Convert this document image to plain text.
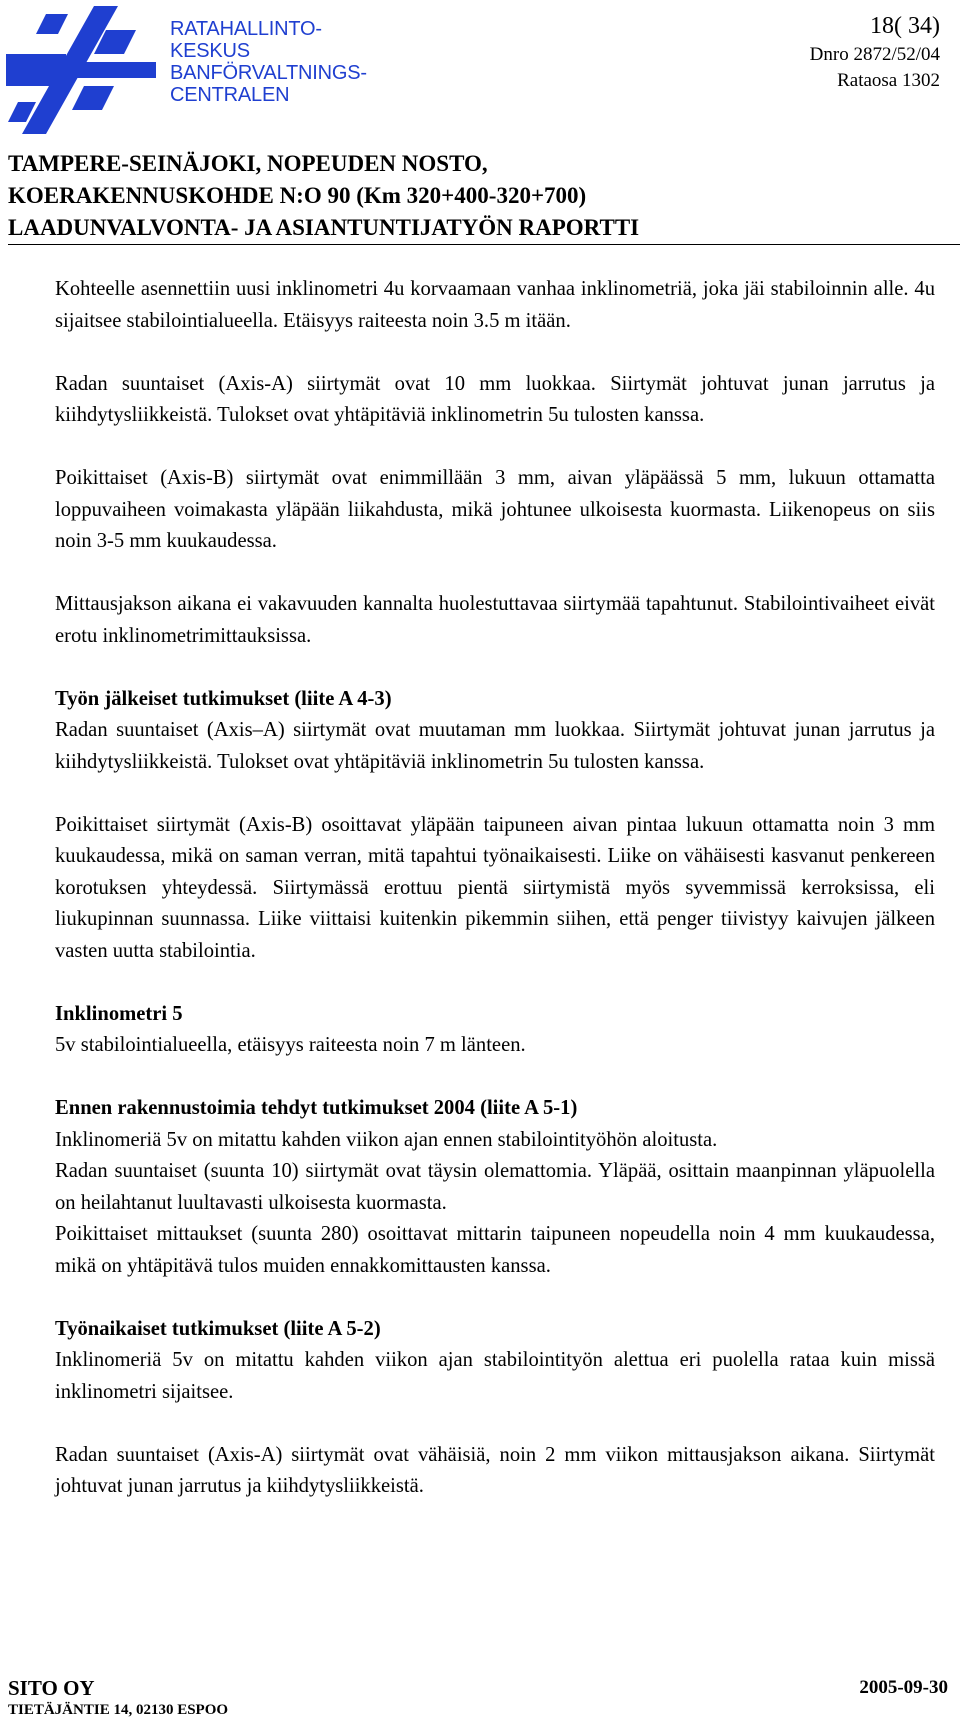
RATAHALLINTO-
KESKUS
BANFÖRVALTNINGS-
CENTRALEN
18( 34)
Dnro 2872/52/04
Rataosa 1302
TAMPERE-SEINÄJOKI, NOPEUDEN NOSTO,
KOERAKENNUSKOHDE N:O 90 (Km 320+400-320+700)
LAADUNVALVONTA- JA ASIANTUNTIJATYÖN RAPORTTI

Kohteelle asennettiin uusi inklinometri 4u korvaamaan vanhaa inklinometriä, joka jäi stabiloinnin alle. 4u sijaitsee stabilointialueella. Etäisyys raiteesta noin 3.5 m itään.

Radan suuntaiset (Axis-A) siirtymät ovat 10 mm luokkaa. Siirtymät johtuvat junan jarrutus ja kiihdytysliikkeistä. Tulokset ovat yhtäpitäviä inklinometrin 5u tulosten kanssa.

Poikittaiset (Axis-B) siirtymät ovat enimmillään 3 mm, aivan yläpäässä 5 mm, lukuun ottamatta loppuvaiheen voimakasta yläpään liikahdusta, mikä johtunee ulkoisesta kuormasta. Liikenopeus on siis noin 3-5 mm kuukaudessa.

Mittausjakson aikana ei vakavuuden kannalta huolestuttavaa siirtymää tapahtunut. Stabilointivaiheet eivät erotu inklinometrimittauksissa.

Työn jälkeiset tutkimukset (liite A 4-3)

Radan suuntaiset (Axis–A) siirtymät ovat muutaman mm luokkaa. Siirtymät johtuvat junan jarrutus ja kiihdytysliikkeistä. Tulokset ovat yhtäpitäviä inklinometrin 5u tulosten kanssa.

Poikittaiset siirtymät (Axis-B) osoittavat yläpään taipuneen aivan pintaa lukuun ottamatta noin 3 mm kuukaudessa, mikä on saman verran, mitä tapahtui työnaikaisesti. Liike on vähäisesti kasvanut penkereen korotuksen yhteydessä. Siirtymässä erottuu pientä siirtymistä myös syvemmissä kerroksissa, eli liukupinnan suunnassa. Liike viittaisi kuitenkin pikemmin siihen, että penger tiivistyy kaivujen jälkeen vasten uutta stabilointia.

Inklinometri 5

5v stabilointialueella, etäisyys raiteesta noin 7 m länteen.

Ennen rakennustoimia tehdyt tutkimukset 2004 (liite A 5-1)

Inklinomeriä 5v on mitattu kahden viikon ajan ennen stabilointityöhön aloitusta.

Radan suuntaiset (suunta 10) siirtymät ovat täysin olemattomia. Yläpää, osittain maanpinnan yläpuolella on heilahtanut luultavasti ulkoisesta kuormasta.

Poikittaiset mittaukset (suunta 280) osoittavat mittarin taipuneen nopeudella noin 4 mm kuukaudessa, mikä on yhtäpitävä tulos muiden ennakkomittausten kanssa.

Työnaikaiset tutkimukset (liite A 5-2)

Inklinomeriä 5v on mitattu kahden viikon ajan stabilointityön alettua eri puolella rataa kuin missä inklinometri sijaitsee.

Radan suuntaiset (Axis-A) siirtymät ovat vähäisiä, noin 2 mm viikon mittausjakson aikana. Siirtymät johtuvat junan jarrutus ja kiihdytysliikkeistä.

SITO OY
TIETÄJÄNTIE 14, 02130 ESPOO
2005-09-30
